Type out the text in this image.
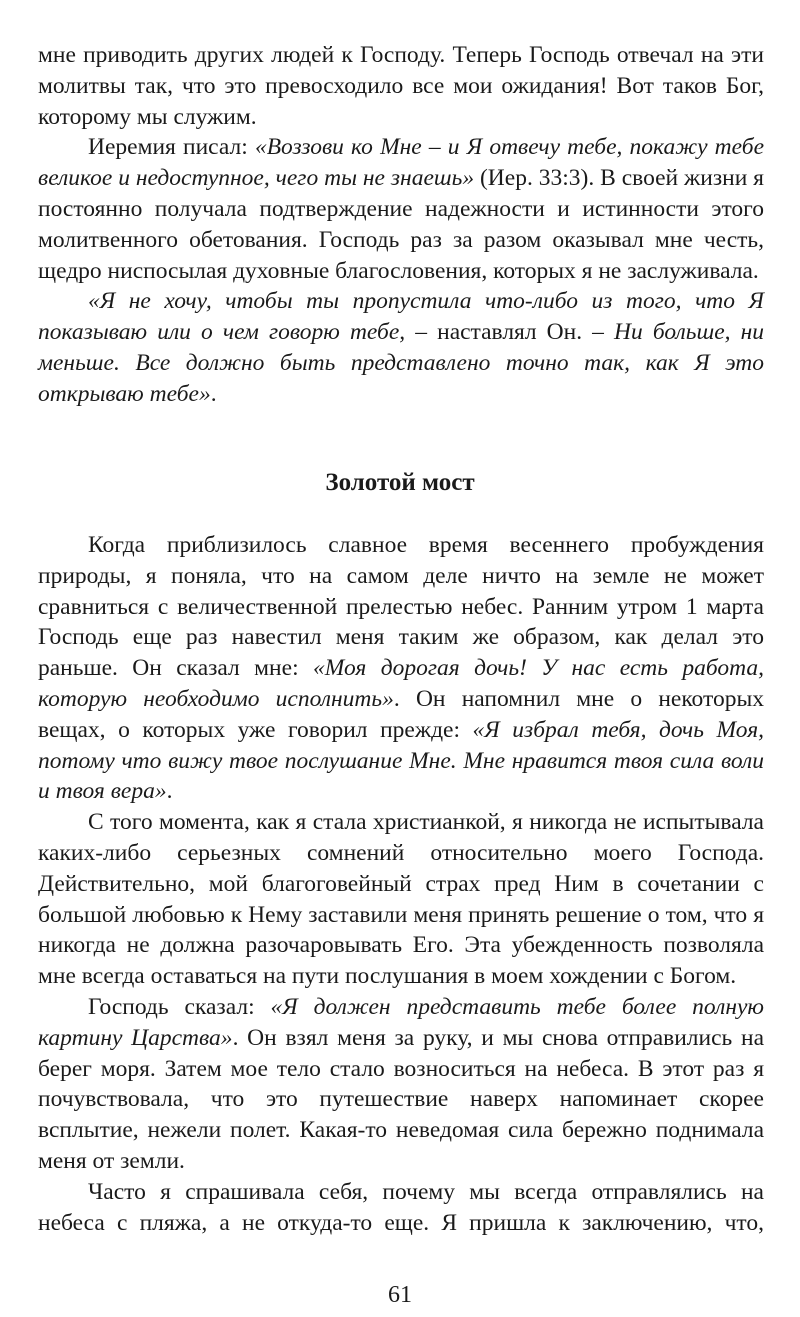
мне приводить других людей к Господу. Теперь Господь отвечал на эти молитвы так, что это превосходило все мои ожидания! Вот таков Бог, которому мы служим.

Иеремия писал: «Воззови ко Мне – и Я отвечу тебе, покажу тебе великое и недоступное, чего ты не знаешь» (Иер. 33:3). В своей жизни я постоянно получала подтверждение надежности и истинности этого молитвенного обетования. Господь раз за разом оказывал мне честь, щедро ниспосылая духовные благословения, которых я не заслуживала.

«Я не хочу, чтобы ты пропустила что-либо из того, что Я показываю или о чем говорю тебе, – наставлял Он. – Ни больше, ни меньше. Все должно быть представлено точно так, как Я это открываю тебе».

Золотой мост

Когда приблизилось славное время весеннего пробуждения природы, я поняла, что на самом деле ничто на земле не может сравниться с величественной прелестью небес. Ранним утром 1 марта Господь еще раз навестил меня таким же образом, как делал это раньше. Он сказал мне: «Моя дорогая дочь! У нас есть работа, которую необходимо исполнить». Он напомнил мне о некоторых вещах, о которых уже говорил прежде: «Я избрал тебя, дочь Моя, потому что вижу твое послушание Мне. Мне нравится твоя сила воли и твоя вера».

С того момента, как я стала христианкой, я никогда не испытывала каких-либо серьезных сомнений относительно моего Господа. Действительно, мой благоговейный страх пред Ним в сочетании с большой любовью к Нему заставили меня принять решение о том, что я никогда не должна разочаровывать Его. Эта убежденность позволяла мне всегда оставаться на пути послушания в моем хождении с Богом.

Господь сказал: «Я должен представить тебе более полную картину Царства». Он взял меня за руку, и мы снова отправились на берег моря. Затем мое тело стало возноситься на небеса. В этот раз я почувствовала, что это путешествие наверх напоминает скорее всплытие, нежели полет. Какая-то неведомая сила бережно поднимала меня от земли.

Часто я спрашивала себя, почему мы всегда отправлялись на небеса с пляжа, а не откуда-то еще. Я пришла к заключению, что,

61
